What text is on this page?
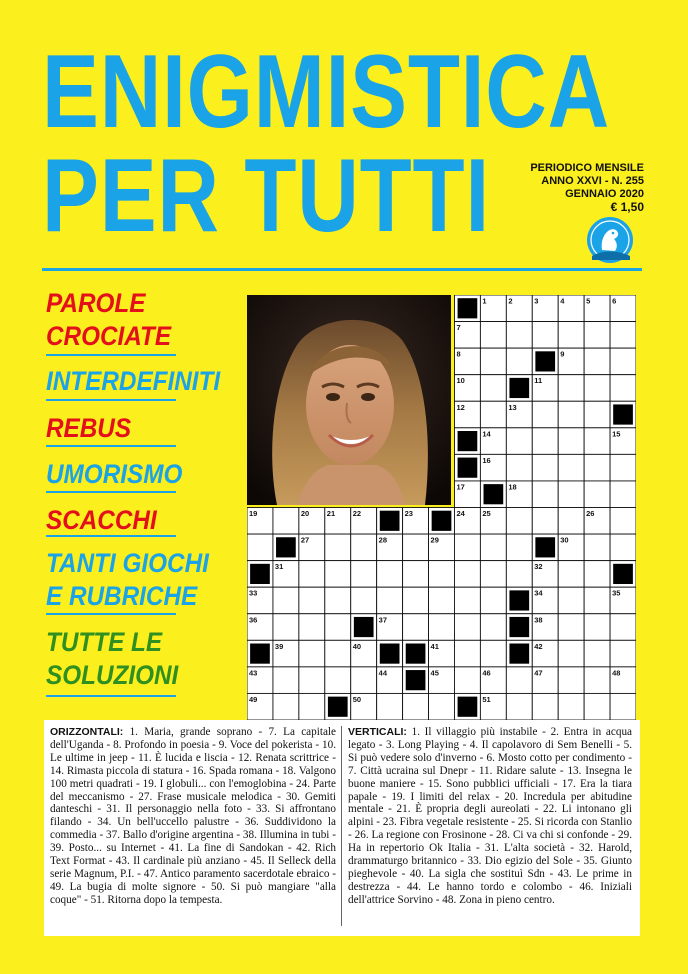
ENIGMISTICA
PER TUTTI	PERIODICO MENSILE
ANNO XXVI - N. 255
GENNAIO 2020
€ 1,50
PAROLE
CROCIATE
INTERDEFINITI
REBUS
UMORISMO
SCACCHI
TANTI GIOCHI
E RUBRICHE
TUTTE LE
SOLUZIONI
1	2	3	4	5	6
7
8	9
10	11
12	13
14	15
16
17	18
19	20 21 22	23	24 25	26
27	28	29	30
31	32
33	34	35
36	37	38
39	40	41	42
43	44	45	46	47	48
49	50	51
ORIZZONTALI: 1. Maria, grande soprano - 7. La capitale dell'Uganda - 8. Profondo in poesia - 9. Voce del pokerista - 10. Le ultime in jeep - 11. È lucida e liscia - 12. Renata scrittrice - 14. Rimasta piccola di statura - 16. Spada romana - 18. Valgono 100 metri quadrati - 19. I globuli... con l'emoglobina - 24. Parte del meccanismo - 27. Frase musicale melodica - 30. Gemiti danteschi - 31. Il personaggio nella foto - 33. Si affrontano filando - 34. Un bell'uccello palustre - 36. Suddividono la commedia - 37. Ballo d'origine argentina - 38. Illumina in tubi - 39. Posto... su Internet - 41. La fine di Sandokan - 42. Rich Text Format - 43. Il cardinale più anziano - 45. Il Selleck della serie Magnum, P.I. - 47. Antico paramento sacerdotale ebraico - 49. La bugia di molte signore - 50. Si può mangiare "alla coque" - 51. Ritorna dopo la tempesta.
VERTICALI: 1. Il villaggio più instabile - 2. Entra in acqua legato - 3. Long Playing - 4. Il capolavoro di Sem Benelli - 5. Si può vedere solo d'inverno - 6. Mosto cotto per condimento - 7. Città ucraina sul Dnepr - 11. Ridare salute - 13. Insegna le buone maniere - 15. Sono pubblici ufficiali - 17. Era la tiara papale - 19. I limiti del relax - 20. Incredula per abitudine mentale - 21. È propria degli aureolati - 22. Li intonano gli alpini - 23. Fibra vegetale resistente - 25. Si ricorda con Stanlio - 26. La regione con Frosinone - 28. Ci va chi si confonde - 29. Ha in repertorio Ok Italia - 31. L'alta società - 32. Harold, drammaturgo britannico - 33. Dio egizio del Sole - 35. Giunto pieghevole - 40. La sigla che sostituì Sdn - 43. Le prime in destrezza - 44. Le hanno tordo e colombo - 46. Iniziali dell'attrice Sorvino - 48. Zona in pieno centro.
